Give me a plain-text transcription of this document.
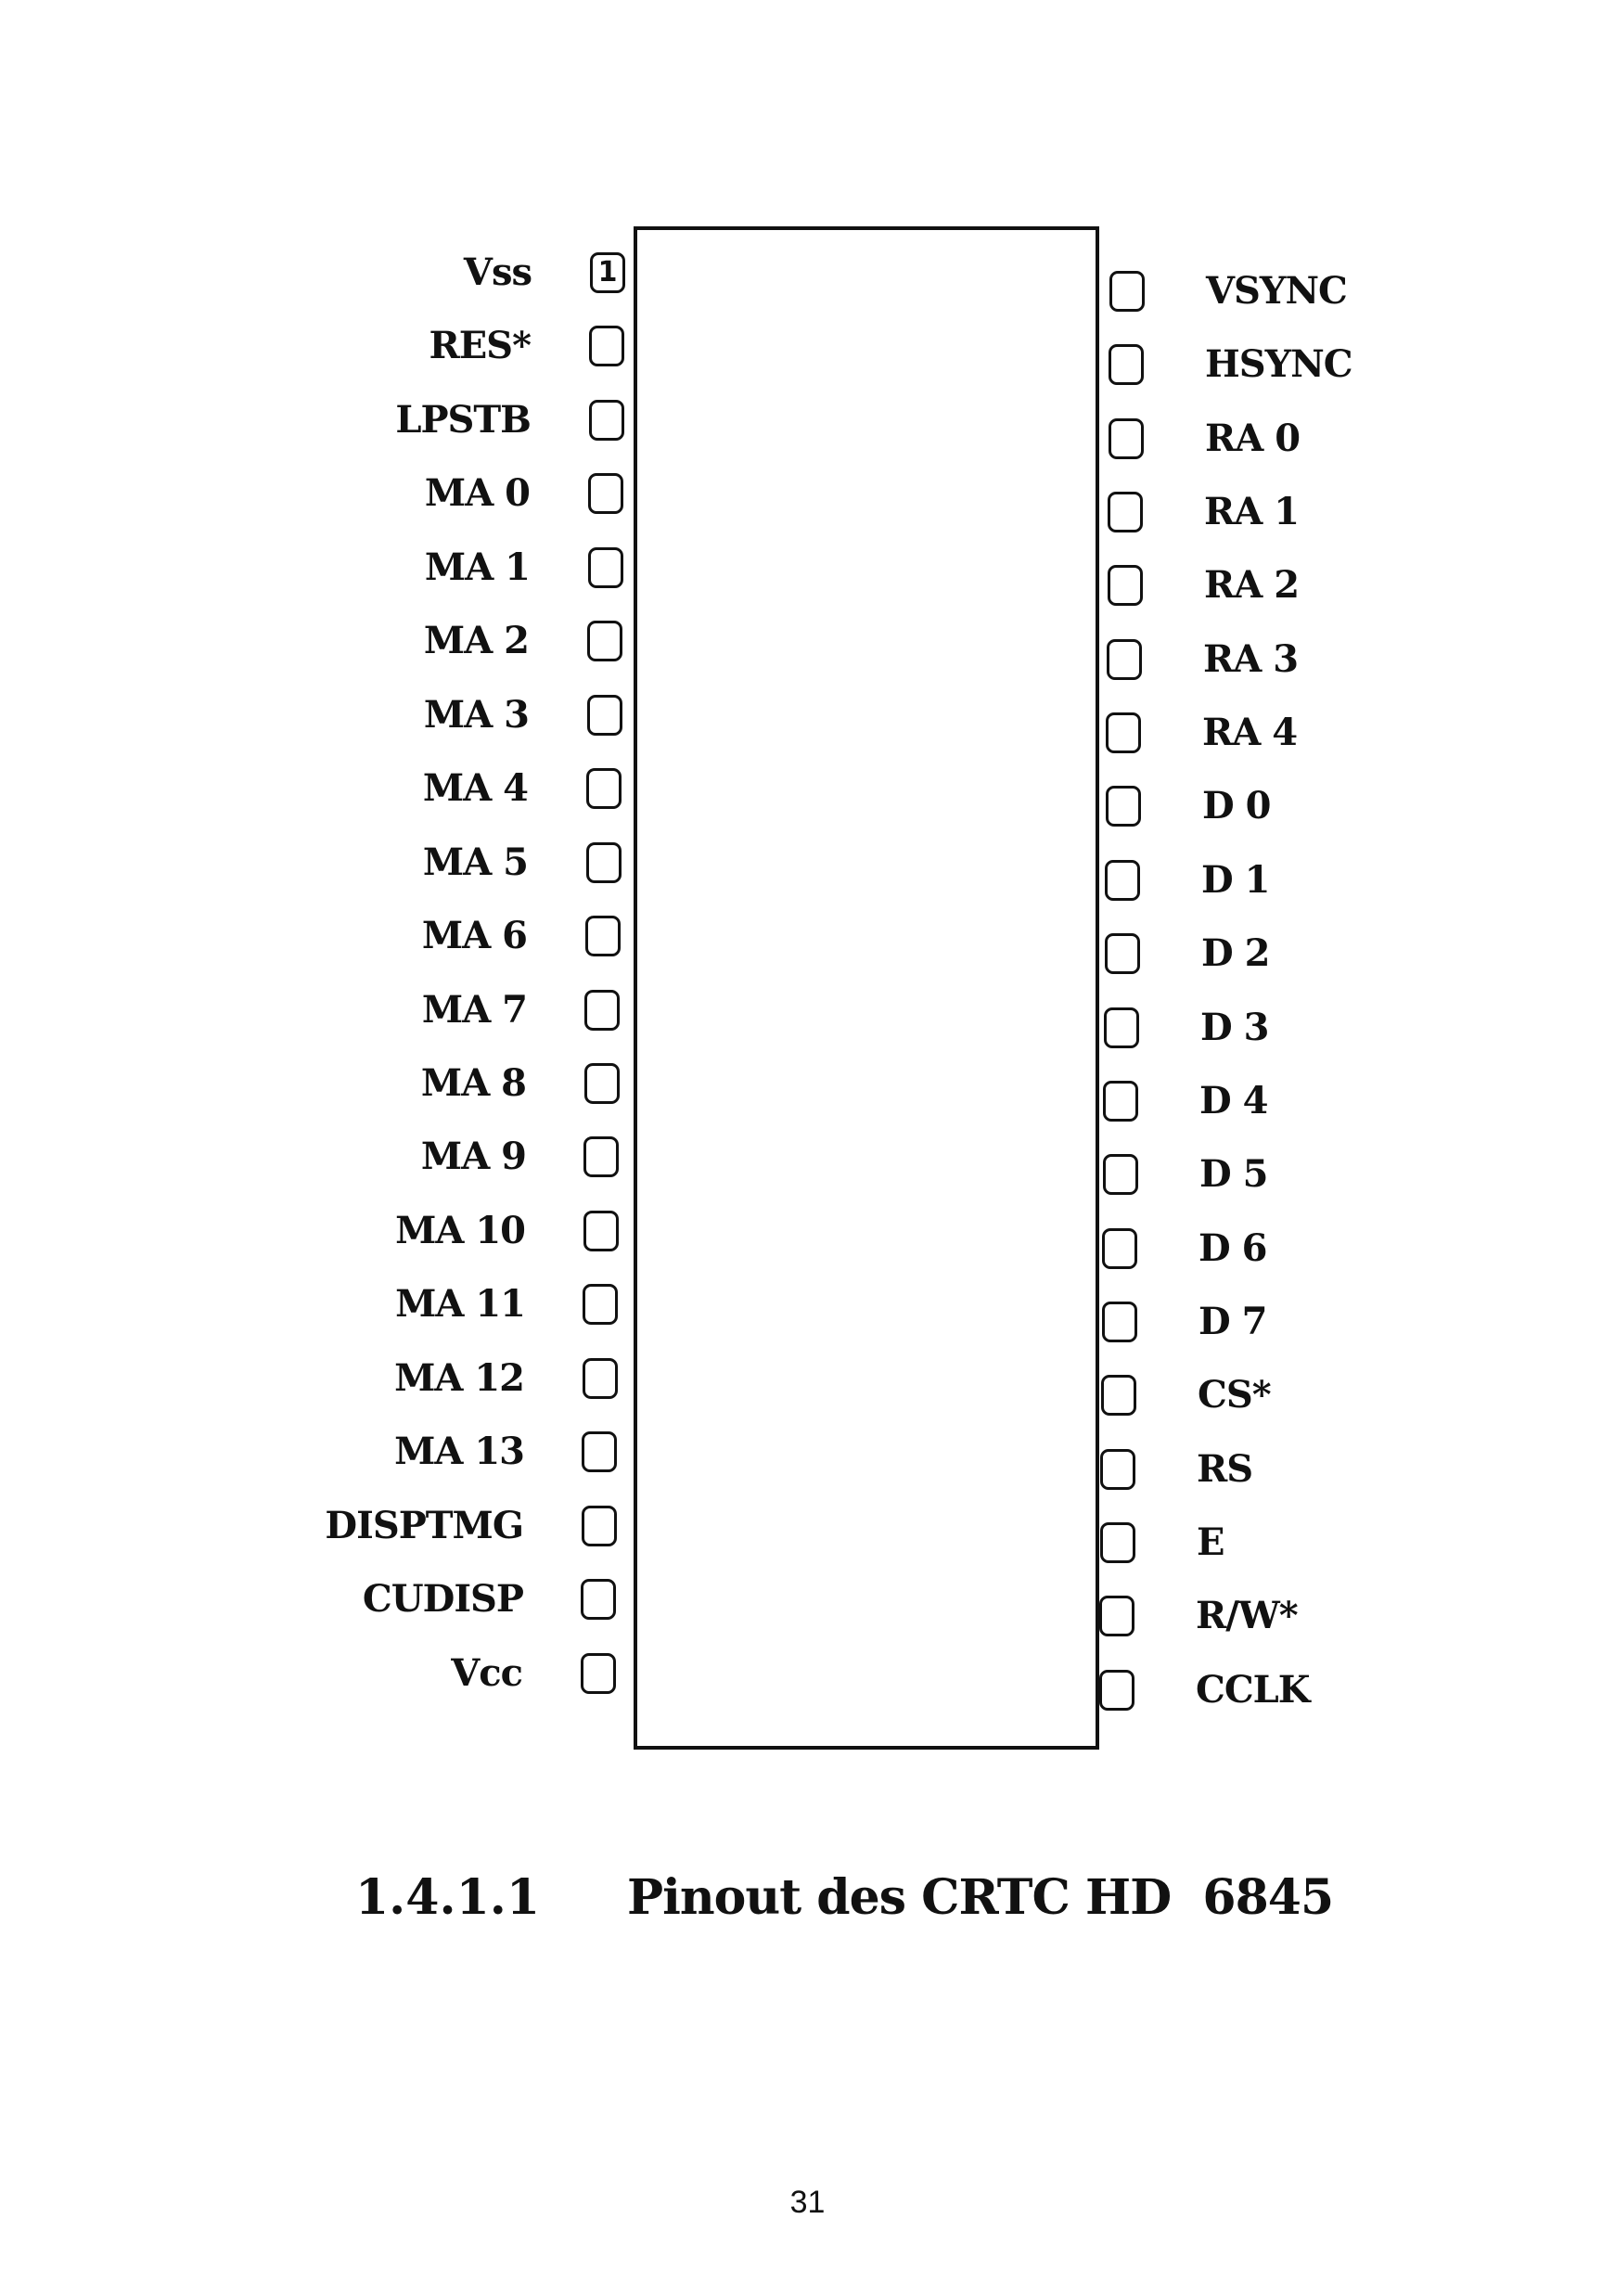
1
Vss
RES*
LPSTB
MA 0
MA 1
MA 2
MA 3
MA 4
MA 5
MA 6
MA 7
MA 8
MA 9
MA 10
MA 11
MA 12
MA 13
DISPTMG
CUDISP
Vcc
VSYNC
HSYNC
RA 0
RA 1
RA 2
RA 3
RA 4
D 0
D 1
D 2
D 3
D 4
D 5
D 6
D 7
CS*
RS
E
R/W*
CCLK
1.4.1.1 Pinout des CRTC HD  6845
31
